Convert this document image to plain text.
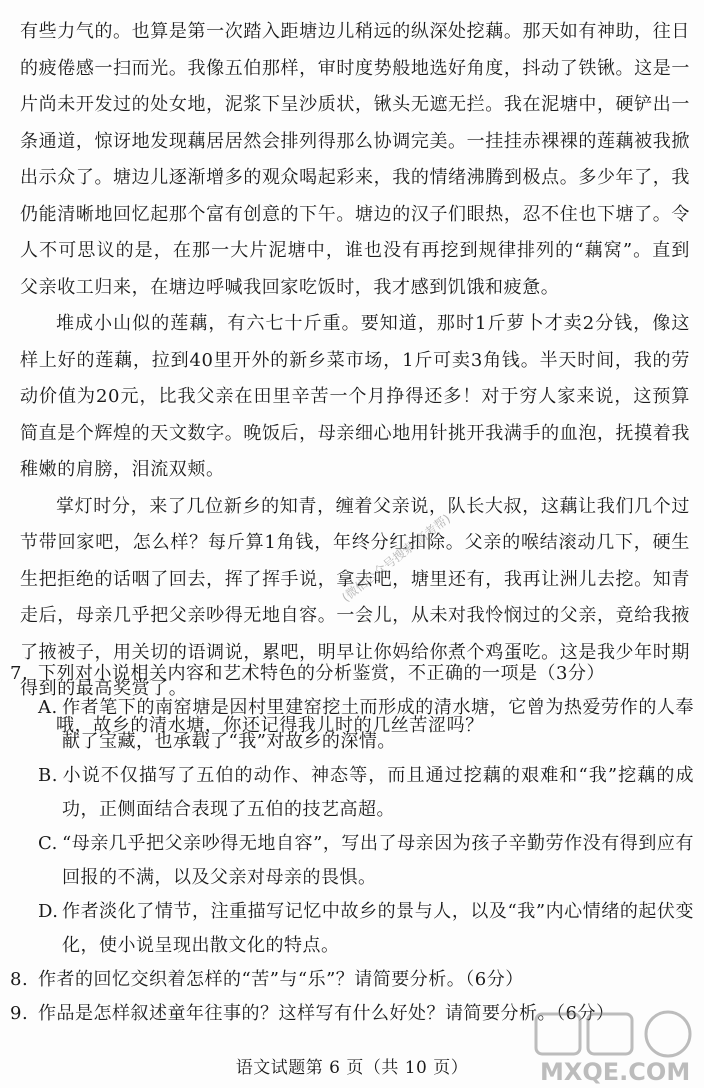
有些力气的。也算是第一次踏入距塘边儿稍远的纵深处挖藕。那天如有神助，往日的疲倦感一扫而光。我像五伯那样，审时度势般地选好角度，抖动了铁锹。这是一片尚未开发过的处女地，泥浆下呈沙质状，锹头无遮无拦。我在泥塘中，硬铲出一条通道，惊讶地发现藕居居然会排列得那么协调完美。一挂挂赤裸裸的莲藕被我掀出示众了。塘边儿逐渐增多的观众喝起彩来，我的情绪沸腾到极点。多少年了，我仍能清晰地回忆起那个富有创意的下午。塘边的汉子们眼热，忍不住也下塘了。令人不可思议的是，在那一大片泥塘中，谁也没有再挖到规律排列的“藕窝”。直到父亲收工归来，在塘边呼喊我回家吃饭时，我才感到饥饿和疲惫。

堆成小山似的莲藕，有六七十斤重。要知道，那时1斤萝卜才卖2分钱，像这样上好的莲藕，拉到40里开外的新乡菜市场，1斤可卖3角钱。半天时间，我的劳动价值为20元，比我父亲在田里辛苦一个月挣得还多！对于穷人家来说，这预算简直是个辉煌的天文数字。晚饭后，母亲细心地用针挑开我满手的血泡，抚摸着我稚嫩的肩膀，泪流双颊。

掌灯时分，来了几位新乡的知青，缠着父亲说，队长大叔，这藕让我们几个过节带回家吧，怎么样？每斤算1角钱，年终分红扣除。父亲的喉结滚动几下，硬生生把拒绝的话咽了回去，挥了挥手说，拿去吧，塘里还有，我再让洲儿去挖。知青走后，母亲几乎把父亲吵得无地自容。一会儿，从未对我怜悯过的父亲，竟给我掖了掖被子，用关切的语调说，累吧，明早让你妈给你煮个鸡蛋吃。这是我少年时期得到的最高奖赏了。

哦，故乡的清水塘，你还记得我儿时的几丝苦涩吗？

7. 下列对小说相关内容和艺术特色的分析鉴赏，不正确的一项是（3分）

A. 作者笔下的南窑塘是因村里建窑挖土而形成的清水塘，它曾为热爱劳作的人奉献了宝藏，也承载了“我”对故乡的深情。

B. 小说不仅描写了五伯的动作、神态等，而且通过挖藕的艰难和“我”挖藕的成功，正侧面结合表现了五伯的技艺高超。

C. “母亲几乎把父亲吵得无地自容”，写出了母亲因为孩子辛勤劳作没有得到应有回报的不满，以及父亲对母亲的畏惧。

D. 作者淡化了情节，注重描写记忆中故乡的景与人，以及“我”内心情绪的起伏变化，使小说呈现出散文化的特点。

8. 作者的回忆交织着怎样的“苦”与“乐”？请简要分析。（6分）

9. 作品是怎样叙述童年往事的？这样写有什么好处？请简要分析。（6分）

语文试题第 6 页（共 10 页）
(微信公众号搜索:高考帮)
MXQE.COM
